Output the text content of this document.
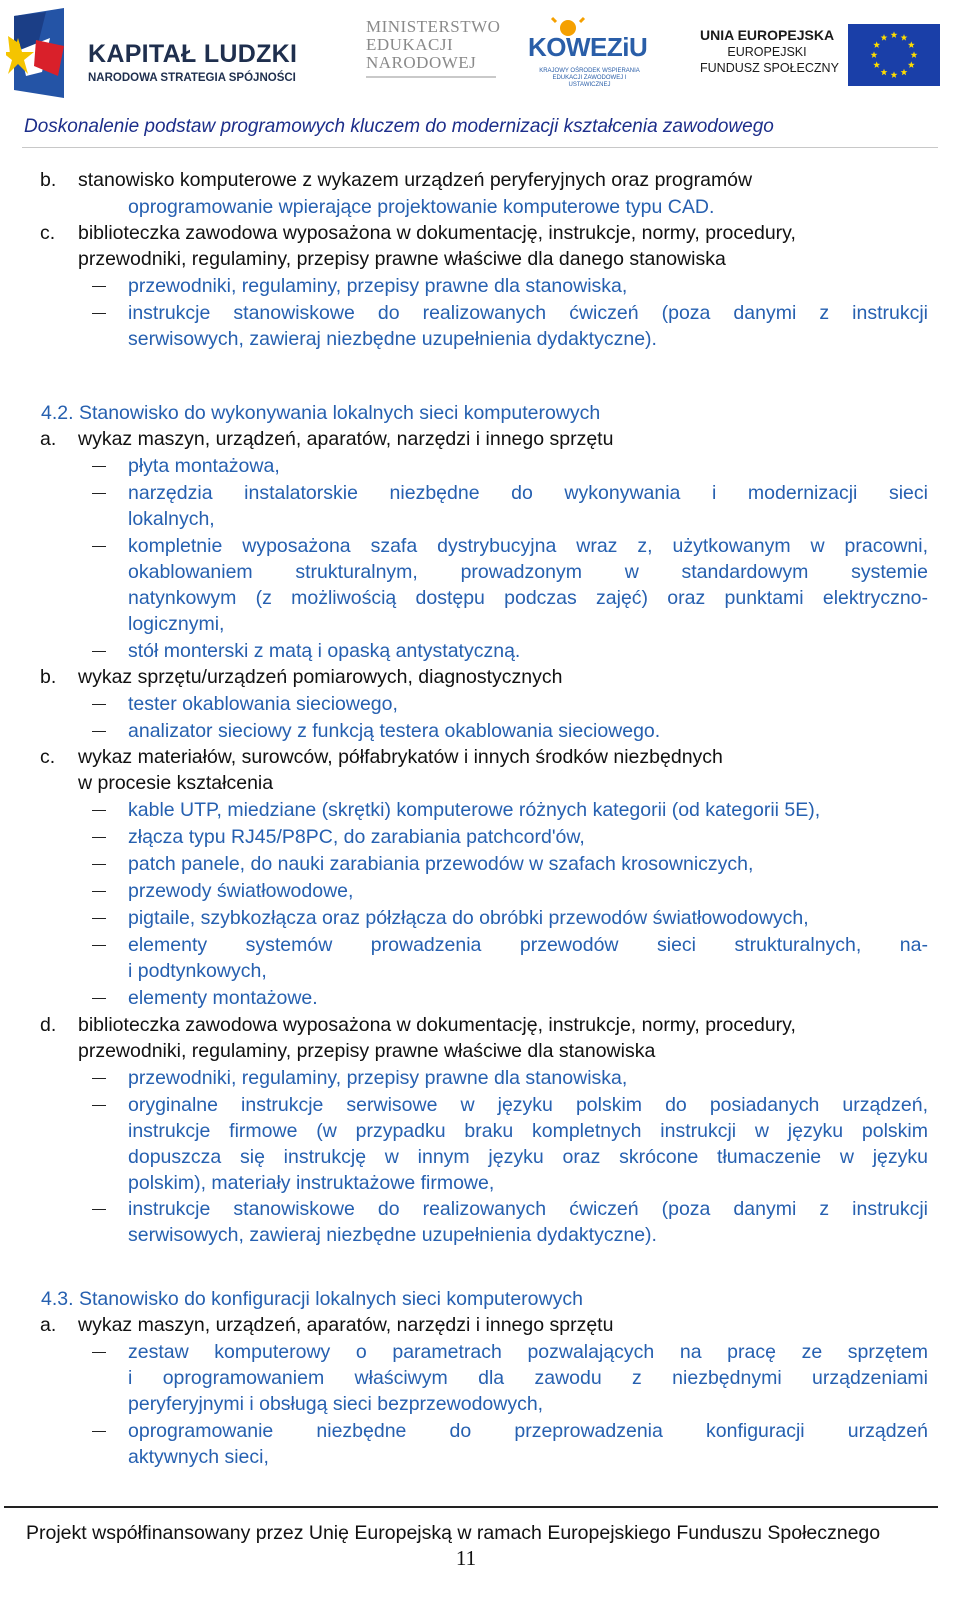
KAPITAŁ LUDZKI
NARODOWA STRATEGIA SPÓJNOŚCI
MINISTERSTWO
EDUKACJI
NARODOWEJ
KOWEZiU
KRAJOWY OŚRODEK WSPIERANIA EDUKACJI ZAWODOWEJ I USTAWICZNEJ
UNIA EUROPEJSKA
EUROPEJSKI
FUNDUSZ SPOŁECZNY
Doskonalenie podstaw programowych kluczem do modernizacji kształcenia zawodowego
b. stanowisko komputerowe z wykazem urządzeń peryferyjnych oraz programów
oprogramowanie wpierające projektowanie komputerowe typu CAD.
c. biblioteczka zawodowa wyposażona w dokumentację, instrukcje, normy, procedury,
przewodniki, regulaminy, przepisy prawne właściwe dla danego stanowiska
przewodniki, regulaminy, przepisy prawne dla stanowiska,
instrukcje stanowiskowe do realizowanych ćwiczeń (poza danymi z instrukcji
serwisowych, zawieraj niezbędne uzupełnienia dydaktyczne).
4.2. Stanowisko do wykonywania lokalnych sieci komputerowych
a. wykaz maszyn, urządzeń, aparatów, narzędzi i innego sprzętu
płyta montażowa,
narzędzia instalatorskie niezbędne do wykonywania i modernizacji sieci
lokalnych,
kompletnie wyposażona szafa dystrybucyjna wraz z, użytkowanym w pracowni,
okablowaniem strukturalnym, prowadzonym w standardowym systemie
natynkowym (z możliwością dostępu podczas zajęć) oraz punktami elektryczno-
logicznymi,
stół monterski z matą i opaską antystatyczną.
b. wykaz sprzętu/urządzeń pomiarowych, diagnostycznych
tester okablowania sieciowego,
analizator sieciowy z funkcją testera okablowania sieciowego.
c. wykaz materiałów, surowców, półfabrykatów i innych środków niezbędnych
w procesie kształcenia
kable UTP, miedziane (skrętki) komputerowe różnych kategorii (od kategorii 5E),
złącza typu RJ45/P8PC, do zarabiania patchcord'ów,
patch panele, do nauki zarabiania przewodów w szafach krosowniczych,
przewody światłowodowe,
pigtaile, szybkozłącza oraz półzłącza do obróbki przewodów światłowodowych,
elementy systemów prowadzenia przewodów sieci strukturalnych, na-
i podtynkowych,
elementy montażowe.
d. biblioteczka zawodowa wyposażona w dokumentację, instrukcje, normy, procedury,
przewodniki, regulaminy, przepisy prawne właściwe dla stanowiska
przewodniki, regulaminy, przepisy prawne dla stanowiska,
oryginalne instrukcje serwisowe w języku polskim do posiadanych urządzeń,
instrukcje firmowe (w przypadku braku kompletnych instrukcji w języku polskim
dopuszcza się instrukcję w innym języku oraz skrócone tłumaczenie w języku
polskim), materiały instruktażowe firmowe,
instrukcje stanowiskowe do realizowanych ćwiczeń (poza danymi z instrukcji
serwisowych, zawieraj niezbędne uzupełnienia dydaktyczne).
4.3. Stanowisko do konfiguracji lokalnych sieci komputerowych
a. wykaz maszyn, urządzeń, aparatów, narzędzi i innego sprzętu
zestaw komputerowy o parametrach pozwalających na pracę ze sprzętem
i oprogramowaniem właściwym dla zawodu z niezbędnymi urządzeniami
peryferyjnymi i obsługą sieci bezprzewodowych,
oprogramowanie niezbędne do przeprowadzenia konfiguracji urządzeń
aktywnych sieci,
Projekt współfinansowany przez Unię Europejską w ramach Europejskiego Funduszu Społecznego
11
